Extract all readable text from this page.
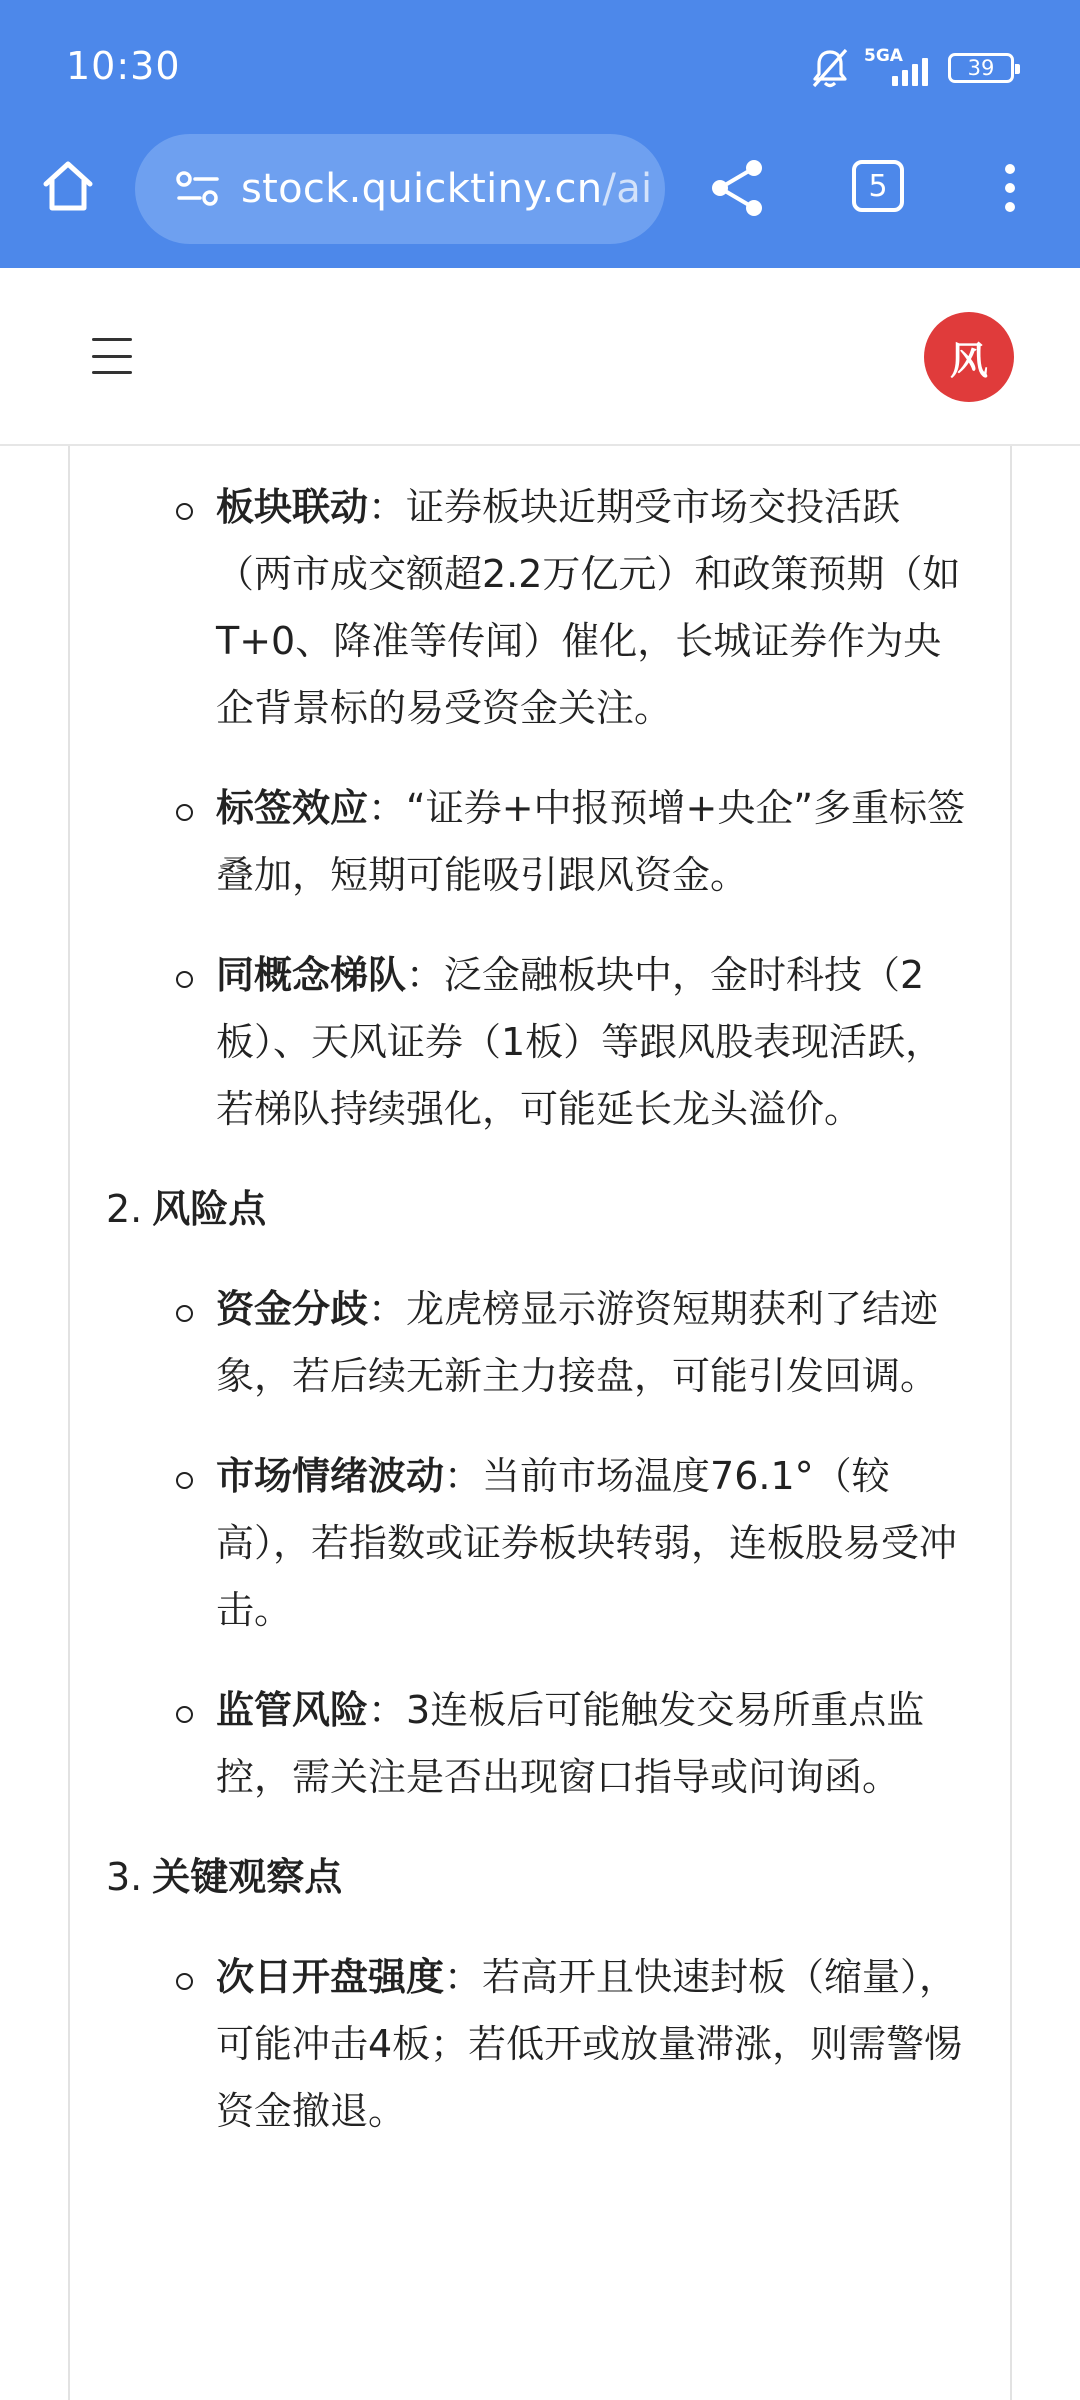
10:30	5GA	39
stock.quicktiny.cn/ai	5
风
板块联动：证券板块近期受市场交投活跃（两市成交额超2.2万亿元）和政策预期（如T+0、降准等传闻）催化，长城证券作为央企背景标的易受资金关注。
标签效应：“证券+中报预增+央企”多重标签叠加，短期可能吸引跟风资金。
同概念梯队：泛金融板块中，金时科技（2板）、天风证券（1板）等跟风股表现活跃，若梯队持续强化，可能延长龙头溢价。
2. 风险点
资金分歧：龙虎榜显示游资短期获利了结迹象，若后续无新主力接盘，可能引发回调。
市场情绪波动：当前市场温度76.1°（较高），若指数或证券板块转弱，连板股易受冲击。
监管风险：3连板后可能触发交易所重点监控，需关注是否出现窗口指导或问询函。
3. 关键观察点
次日开盘强度：若高开且快速封板（缩量），可能冲击4板；若低开或放量滞涨，则需警惕资金撤退。
